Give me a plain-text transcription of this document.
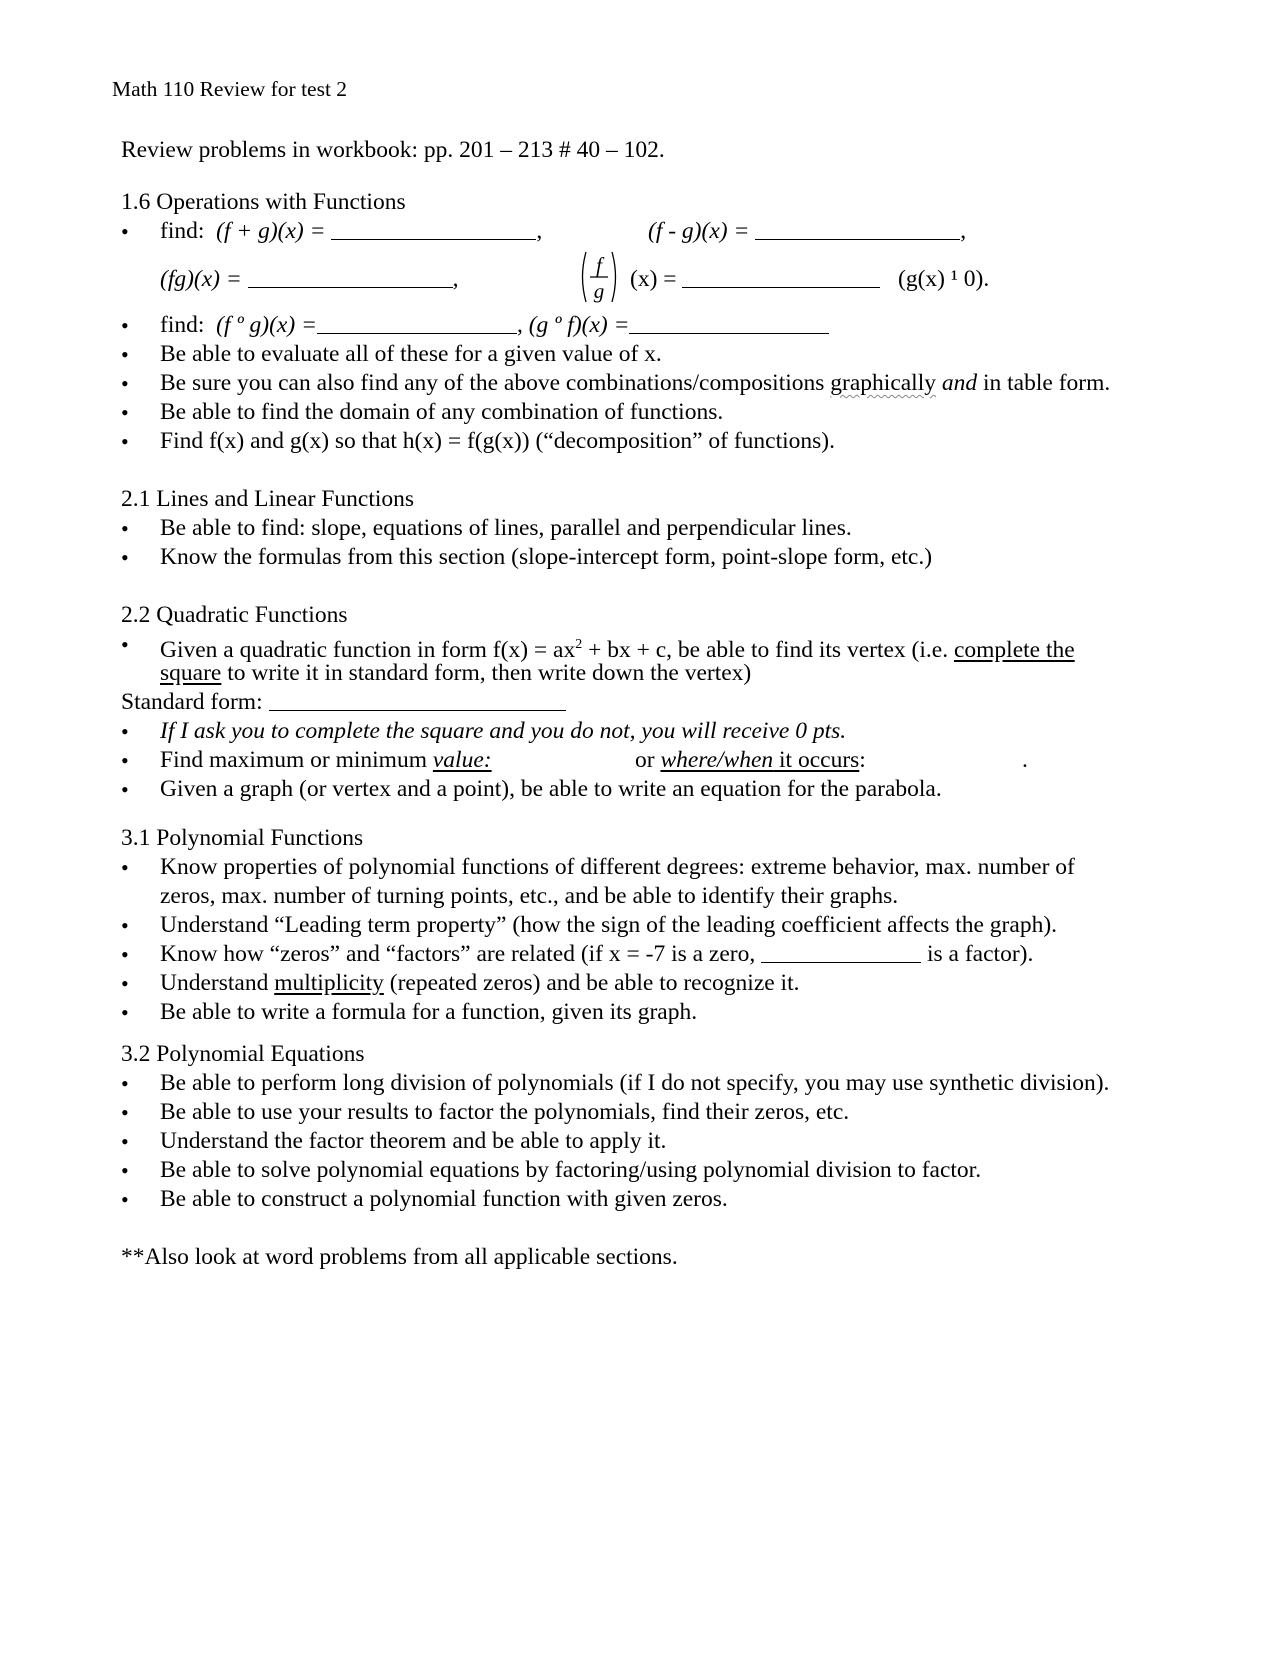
Math 110 Review for test 2
Review problems in workbook: pp. 201 – 213 # 40 – 102.
1.6 Operations with Functions
• find: (f + g)(x) =	,	(f - g)(x) =	,
(fg)(x) =	,
f
g (x) =	(g(x) ¹ 0).
• find: (f º g)(x) =	, (g º f)(x) =
• Be able to evaluate all of these for a given value of x.
• Be sure you can also find any of the above combinations/compositions graphically and in table form.
• Be able to find the domain of any combination of functions.
• Find f(x) and g(x) so that h(x) = f(g(x)) (“decomposition” of functions).
2.1 Lines and Linear Functions
• Be able to find: slope, equations of lines, parallel and perpendicular lines.
• Know the formulas from this section (slope-intercept form, point-slope form, etc.)
2.2 Quadratic Functions
• Given a quadratic function in form $f(x) = ax^2$ + bx + c, be able to find its vertex (i.e. complete the
square to write it in standard form, then write down the vertex)
Standard form:
• If I ask you to complete the square and you do not, you will receive 0 pts.
• Find maximum or minimum value:	or where/when it occurs:	.
• Given a graph (or vertex and a point), be able to write an equation for the parabola.
3.1 Polynomial Functions
• Know properties of polynomial functions of different degrees: extreme behavior, max. number of
zeros, max. number of turning points, etc., and be able to identify their graphs.
• Understand “Leading term property” (how the sign of the leading coefficient affects the graph).
• Know how “zeros” and “factors” are related (if x = -7 is a zero,	is a factor).
• Understand multiplicity (repeated zeros) and be able to recognize it.
• Be able to write a formula for a function, given its graph.
3.2 Polynomial Equations
• Be able to perform long division of polynomials (if I do not specify, you may use synthetic division).
• Be able to use your results to factor the polynomials, find their zeros, etc.
• Understand the factor theorem and be able to apply it.
• Be able to solve polynomial equations by factoring/using polynomial division to factor.
• Be able to construct a polynomial function with given zeros.
**Also look at word problems from all applicable sections.
